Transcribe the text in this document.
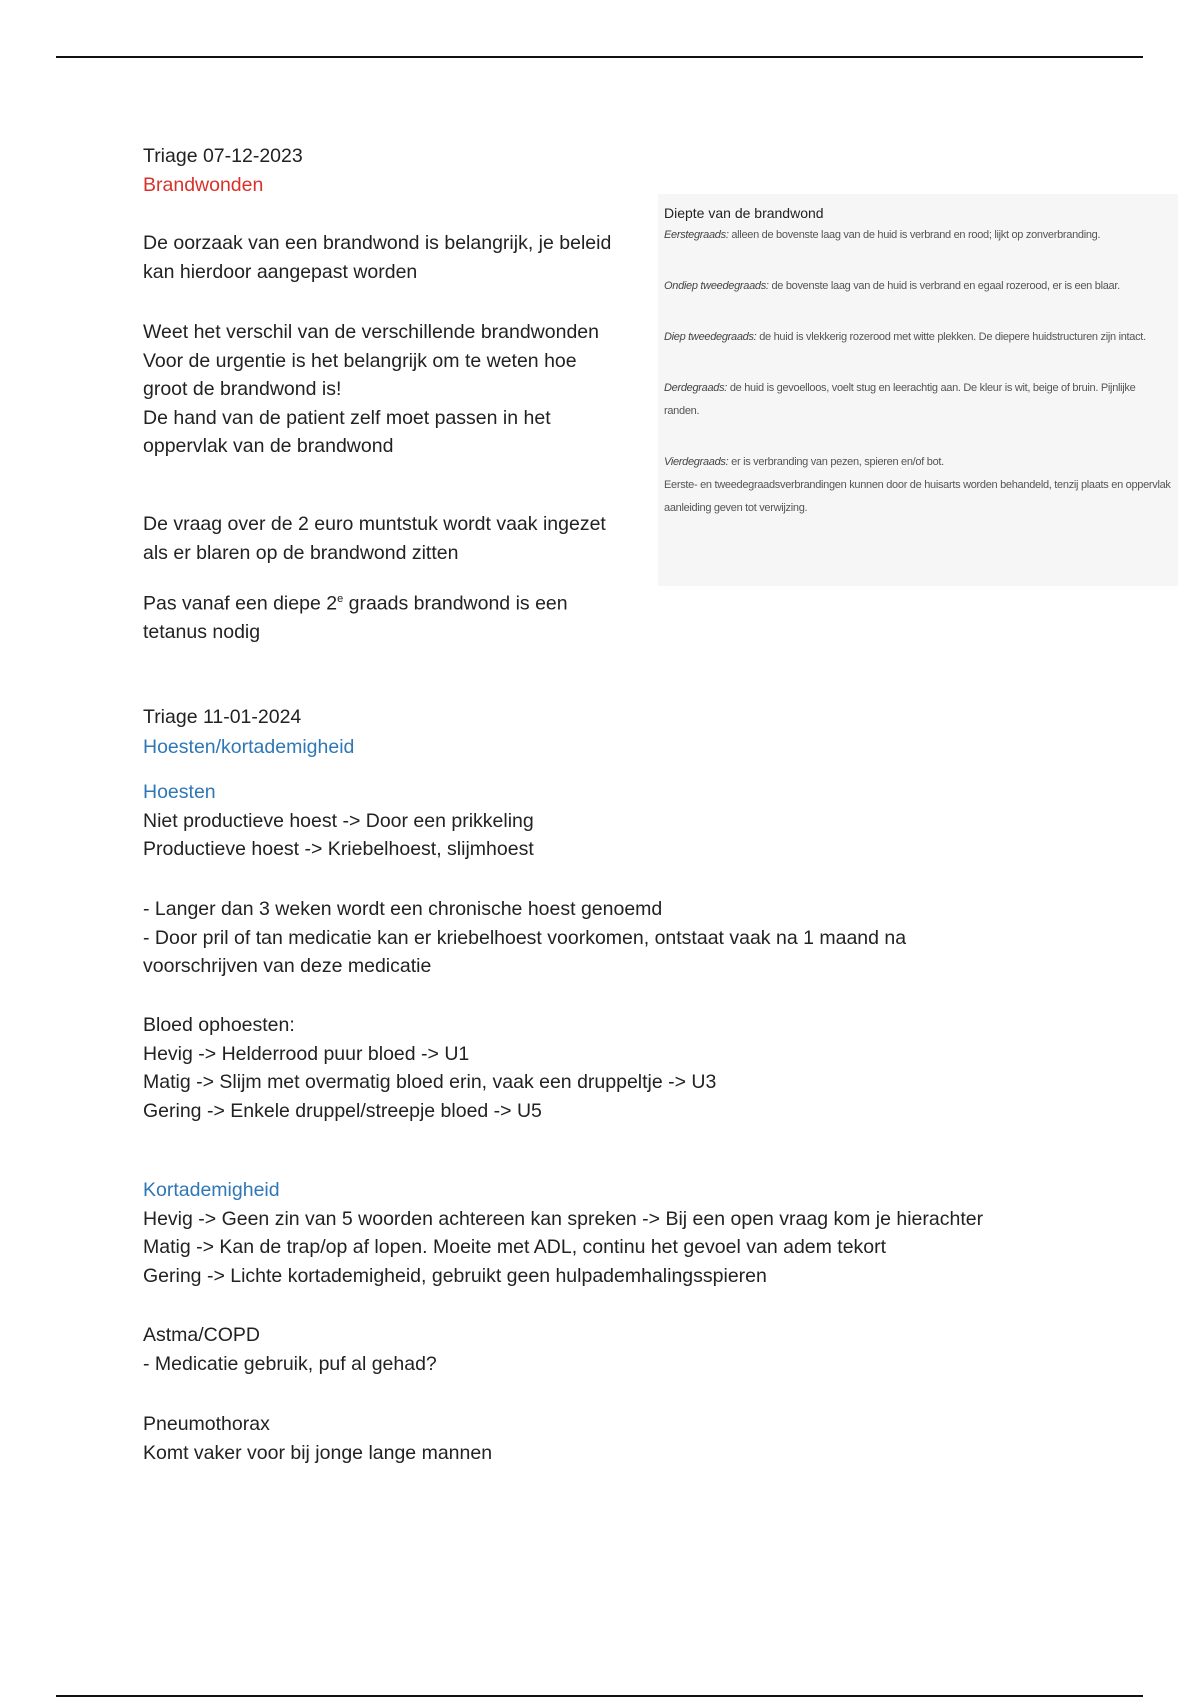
Triage 07-12-2023

Brandwonden

De oorzaak van een brandwond is belangrijk, je beleid kan hierdoor aangepast worden

Weet het verschil van de verschillende brandwonden

Voor de urgentie is het belangrijk om te weten hoe groot de brandwond is!

De hand van de patient zelf moet passen in het oppervlak van de brandwond

De vraag over de 2 euro muntstuk wordt vaak ingezet als er blaren op de brandwond zitten

Pas vanaf een diepe 2e graads brandwond is een tetanus nodig

Diepte van de brandwond

Eerstegraads: alleen de bovenste laag van de huid is verbrand en rood; lijkt op zonverbranding.

Ondiep tweedegraads: de bovenste laag van de huid is verbrand en egaal rozerood, er is een blaar.

Diep tweedegraads: de huid is vlekkerig rozerood met witte plekken. De diepere huidstructuren zijn intact.

Derdegraads: de huid is gevoelloos, voelt stug en leerachtig aan. De kleur is wit, beige of bruin. Pijnlijke randen.

Vierdegraads: er is verbranding van pezen, spieren en/of bot.

Eerste- en tweedegraadsverbrandingen kunnen door de huisarts worden behandeld, tenzij plaats en oppervlak aanleiding geven tot verwijzing.

Triage 11-01-2024

Hoesten/kortademigheid

Hoesten

Niet productieve hoest -> Door een prikkeling

Productieve hoest -> Kriebelhoest, slijmhoest

- Langer dan 3 weken wordt een chronische hoest genoemd

- Door pril of tan medicatie kan er kriebelhoest voorkomen, ontstaat vaak na 1 maand na voorschrijven van deze medicatie

Bloed ophoesten:

Hevig -> Helderrood puur bloed -> U1

Matig -> Slijm met overmatig bloed erin, vaak een druppeltje -> U3

Gering -> Enkele druppel/streepje bloed -> U5

Kortademigheid

Hevig -> Geen zin van 5 woorden achtereen kan spreken -> Bij een open vraag kom je hierachter

Matig -> Kan de trap/op af lopen. Moeite met ADL, continu het gevoel van adem tekort

Gering -> Lichte kortademigheid, gebruikt geen hulpademhalingsspieren

Astma/COPD

- Medicatie gebruik, puf al gehad?

Pneumothorax

Komt vaker voor bij jonge lange mannen
